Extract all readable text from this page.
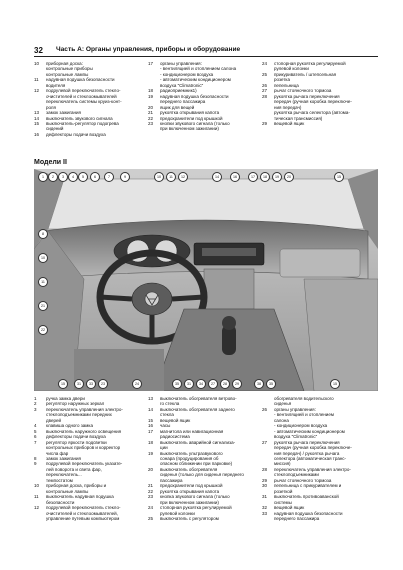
32 Часть А: Органы управления, приборы и оборудование
10 приборная доска:
контрольные приборы
контрольные лампы
11 надувная подушка безопасности
водителя
12 подрулевой переключатель стекло-
очистителей и стеклоомывателей
переключатель системы круиз-конт-
роля
13 замок зажигания
14 выключатель звукового сигнала
15 выключатель-регулятор подогрева
сидений
16 дефлекторы подачи воздуха
17 органы управления:
- вентиляцией и отоплением салона
- кондиционером воздуха
- автоматическим кондиционером
воздуха "Climatronic"
18 радиоприемник1)
19 надувная подушка безопасности
переднего пассажира
20 ящик для вещей
21 рукоятка открывания капота
22 предохранители под крышкой
23 кнопки звукового сигнала (только
при включенном зажигании)
24 стопорная рукоятка регулируемой
рулевой колонки
25 прикуриватель / штепсельная
розетка
26 пепельница
27 рычаг стояночного тормоза
28 рукоятка рычага переключения
передач (ручная коробка переключе-
ния передач)
рукоятка рычага селектора (автома-
тическая трансмиссия)
29 вещевой ящик
Модели II
1	2	3	4	5	6	7	9	10	11	12	14	16	17	18	19	20	15
8
10
11
21
22
15	31	33	23	24	35	31	34	27	28	29	38	35	15
1 ручка замка двери
2 регулятор наружных зеркал
3 переключатель управления электро-
стеклоподъемниками передних
дверей
4 клавиша одного замка
5 выключатель наружного освещения
6 дефлекторы подачи воздуха
7 регулятор яркости подсветки
контрольных приборов и корректор
числа фар
8 замок зажигания
9 подрулевой переключатель указате-
лей поворота и света фар,
переключатель...
темпостатом
10 приборная доска, приборы и
контрольные лампы
11 выключатель надувная подушка
безопасности
12 подрулевой переключатель стекло-
очистителей и стеклоомывателей,
управление путевым компьютером
13 выключатель обогревателя ветрово-
го стекла
14 выключатель обогревателя заднего
стекла
15 вещевой ящик
16 часы
17 магнитола или навигационная
радиосистема
18 выключатель аварийной сигнализа-
ции
19 выключатель ультразвукового
сонара (продуцирования об
опасном сближении при парковке)
20 выключатель обогревателя
сиденья (только для сиденья переднего
пассажира
21 предохранители под крышкой
22 рукоятка открывания капота
23 кнопка звукового сигнала (только
при включенном зажигании)
24 стопорная рукоятка регулируемой
рулевой колонки
25 выключатель с регулятором
обогревателя водительского
сиденья
26 органы управления:
- вентиляцией и отоплением
салона
- кондиционером воздуха
- автоматическим кондиционером
воздуха "Climatronic"
27 рукоятка рычага переключения
передач (ручная коробка переключе-
ния передач) / рукоятка рычага
селектора (автоматическая транс-
миссия)
28 переключатель управления электро-
стеклоподъемниками
29 рычаг стояночного тормоза
30 пепельница с прикуривателем и
розеткой
31 выключатель противоаванской
системы
32 вещевой ящик
33 надувная подушка безопасности
переднего пассажира
